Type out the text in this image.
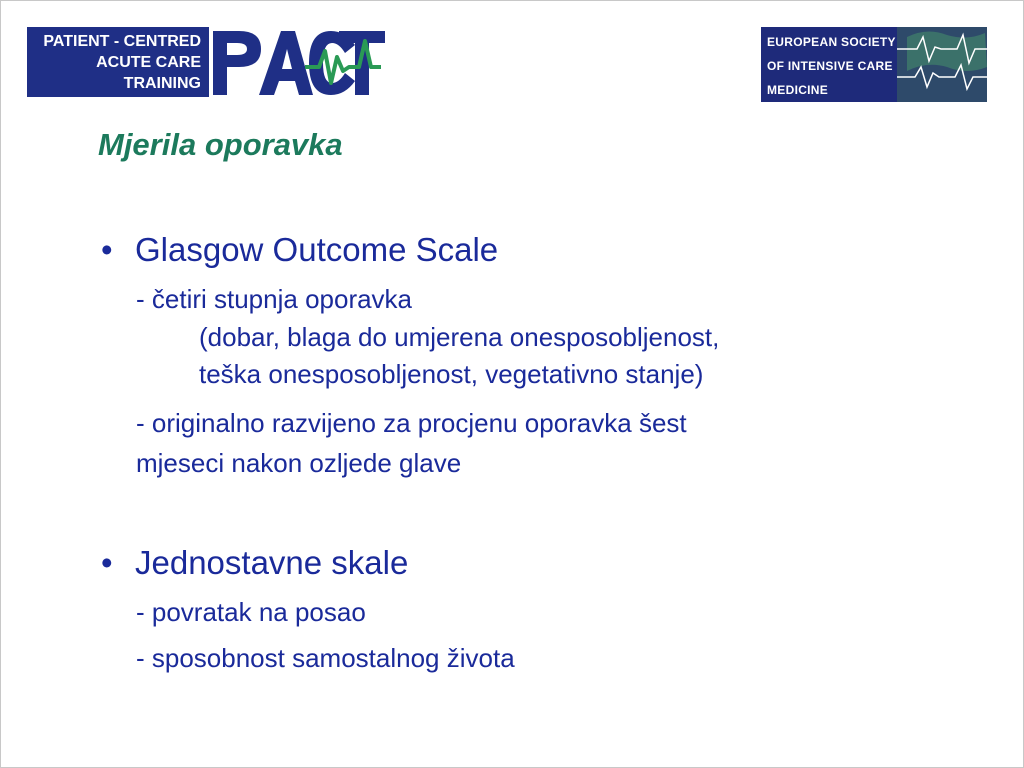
PATIENT - CENTRED
ACUTE CARE
TRAINING
EUROPEAN SOCIETY
OF INTENSIVE CARE
MEDICINE
Mjerila oporavka
• Glasgow Outcome Scale
- četiri stupnja oporavka
(dobar, blaga do umjerena onesposobljenost,
teška onesposobljenost, vegetativno stanje)
- originalno razvijeno za procjenu oporavka šest
mjeseci nakon ozljede glave
• Jednostavne skale
- povratak na posao
- sposobnost samostalnog života
